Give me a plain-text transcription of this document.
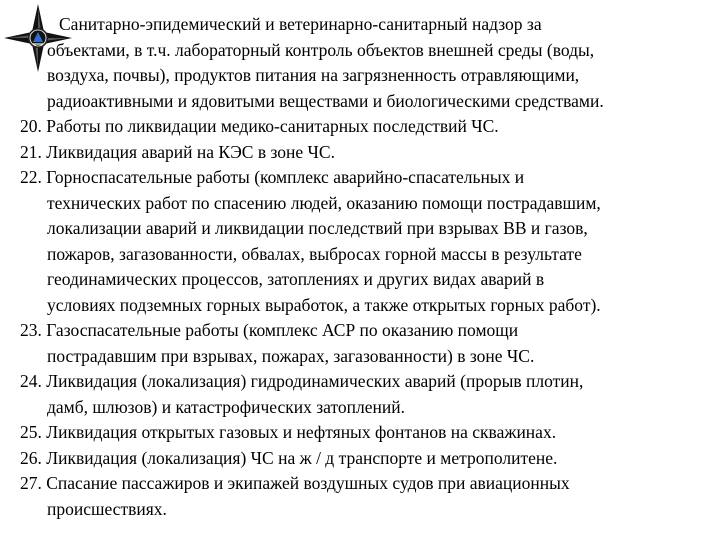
Санитарно-эпидемический и ветеринарно-санитарный надзор за
объектами, в т.ч. лабораторный контроль объектов внешней среды (воды,
воздуха, почвы), продуктов питания на загрязненность отравляющими,
радиоактивными и ядовитыми веществами и биологическими средствами.
20. Работы по ликвидации медико-санитарных последствий ЧС.
21. Ликвидация аварий на КЭС в зоне ЧС.
22. Горноспасательные работы (комплекс аварийно-спасательных и
технических работ по спасению людей, оказанию помощи пострадавшим,
локализации аварий и ликвидации последствий при взрывах ВВ и газов,
пожаров, загазованности, обвалах, выбросах горной массы в результате
геодинамических процессов, затоплениях и других видах аварий в
условиях подземных горных выработок, а также открытых горных работ).
23. Газоспасательные работы (комплекс АСР по оказанию помощи
пострадавшим при взрывах, пожарах, загазованности) в зоне ЧС.
24. Ликвидация (локализация) гидродинамических аварий (прорыв плотин,
дамб, шлюзов) и катастрофических затоплений.
25. Ликвидация открытых газовых и нефтяных фонтанов на скважинах.
26. Ликвидация (локализация) ЧС на ж / д транспорте и метрополитене.
27. Спасание пассажиров и экипажей воздушных судов при авиационных
происшествиях.
